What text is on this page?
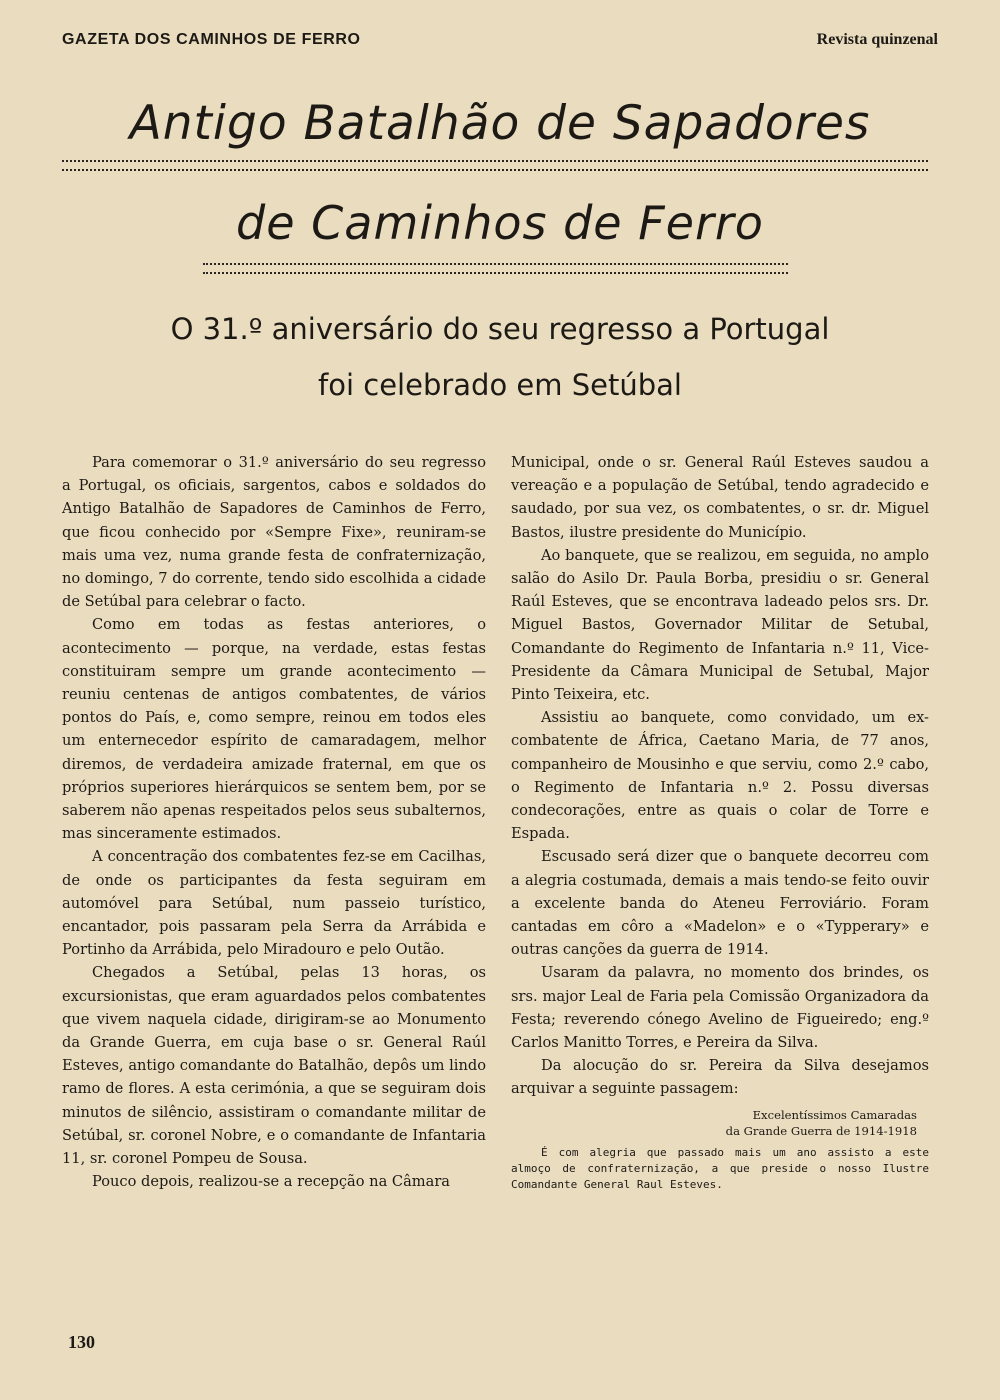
GAZETA DOS CAMINHOS DE FERRO	Revista quinzenal
Antigo Batalhão de Sapadores
de Caminhos de Ferro
O 31.º aniversário do seu regresso a Portugal
foi celebrado em Setúbal

Para comemorar o 31.º aniversário do seu regresso a Portugal, os oficiais, sargentos, cabos e soldados do Antigo Batalhão de Sapadores de Caminhos de Ferro, que ficou conhecido por «Sempre Fixe», reuniram-se mais uma vez, numa grande festa de confraternização, no domingo, 7 do corrente, tendo sido escolhida a cidade de Setúbal para celebrar o facto.

Como em todas as festas anteriores, o acontecimento — porque, na verdade, estas festas constituiram sempre um grande acontecimento — reuniu centenas de antigos combatentes, de vários pontos do País, e, como sempre, reinou em todos eles um enternecedor espírito de camaradagem, melhor diremos, de verdadeira amizade fraternal, em que os próprios superiores hierárquicos se sentem bem, por se saberem não apenas respeitados pelos seus subalternos, mas sinceramente estimados.

A concentração dos combatentes fez-se em Cacilhas, de onde os participantes da festa seguiram em automóvel para Setúbal, num passeio turístico, encantador, pois passaram pela Serra da Arrábida e Portinho da Arrábida, pelo Miradouro e pelo Outão.

Chegados a Setúbal, pelas 13 horas, os excursionistas, que eram aguardados pelos combatentes que vivem naquela cidade, dirigiram-se ao Monumento da Grande Guerra, em cuja base o sr. General Raúl Esteves, antigo comandante do Batalhão, depôs um lindo ramo de flores. A esta cerimónia, a que se seguiram dois minutos de silêncio, assistiram o comandante militar de Setúbal, sr. coronel Nobre, e o comandante de Infantaria 11, sr. coronel Pompeu de Sousa.

Pouco depois, realizou-se a recepção na Câmara

Municipal, onde o sr. General Raúl Esteves saudou a vereação e a população de Setúbal, tendo agradecido e saudado, por sua vez, os combatentes, o sr. dr. Miguel Bastos, ilustre presidente do Município.

Ao banquete, que se realizou, em seguida, no amplo salão do Asilo Dr. Paula Borba, presidiu o sr. General Raúl Esteves, que se encontrava ladeado pelos srs. Dr. Miguel Bastos, Governador Militar de Setubal, Comandante do Regimento de Infantaria n.º 11, Vice-Presidente da Câmara Municipal de Setubal, Major Pinto Teixeira, etc.

Assistiu ao banquete, como convidado, um ex-combatente de África, Caetano Maria, de 77 anos, companheiro de Mousinho e que serviu, como 2.º cabo, o Regimento de Infantaria n.º 2. Possu diversas condecorações, entre as quais o colar de Torre e Espada.

Escusado será dizer que o banquete decorreu com a alegria costumada, demais a mais tendo-se feito ouvir a excelente banda do Ateneu Ferroviário. Foram cantadas em côro a «Madelon» e o «Typperary» e outras canções da guerra de 1914.

Usaram da palavra, no momento dos brindes, os srs. major Leal de Faria pela Comissão Organizadora da Festa; reverendo cónego Avelino de Figueiredo; eng.º Carlos Manitto Torres, e Pereira da Silva.

Da alocução do sr. Pereira da Silva desejamos arquivar a seguinte passagem:

Excelentíssimos Camaradas
da Grande Guerra de 1914-1918
É com alegria que passado mais um ano assisto a este almoço de confraternização, a que preside o nosso Ilustre Comandante General Raul Esteves.
130
